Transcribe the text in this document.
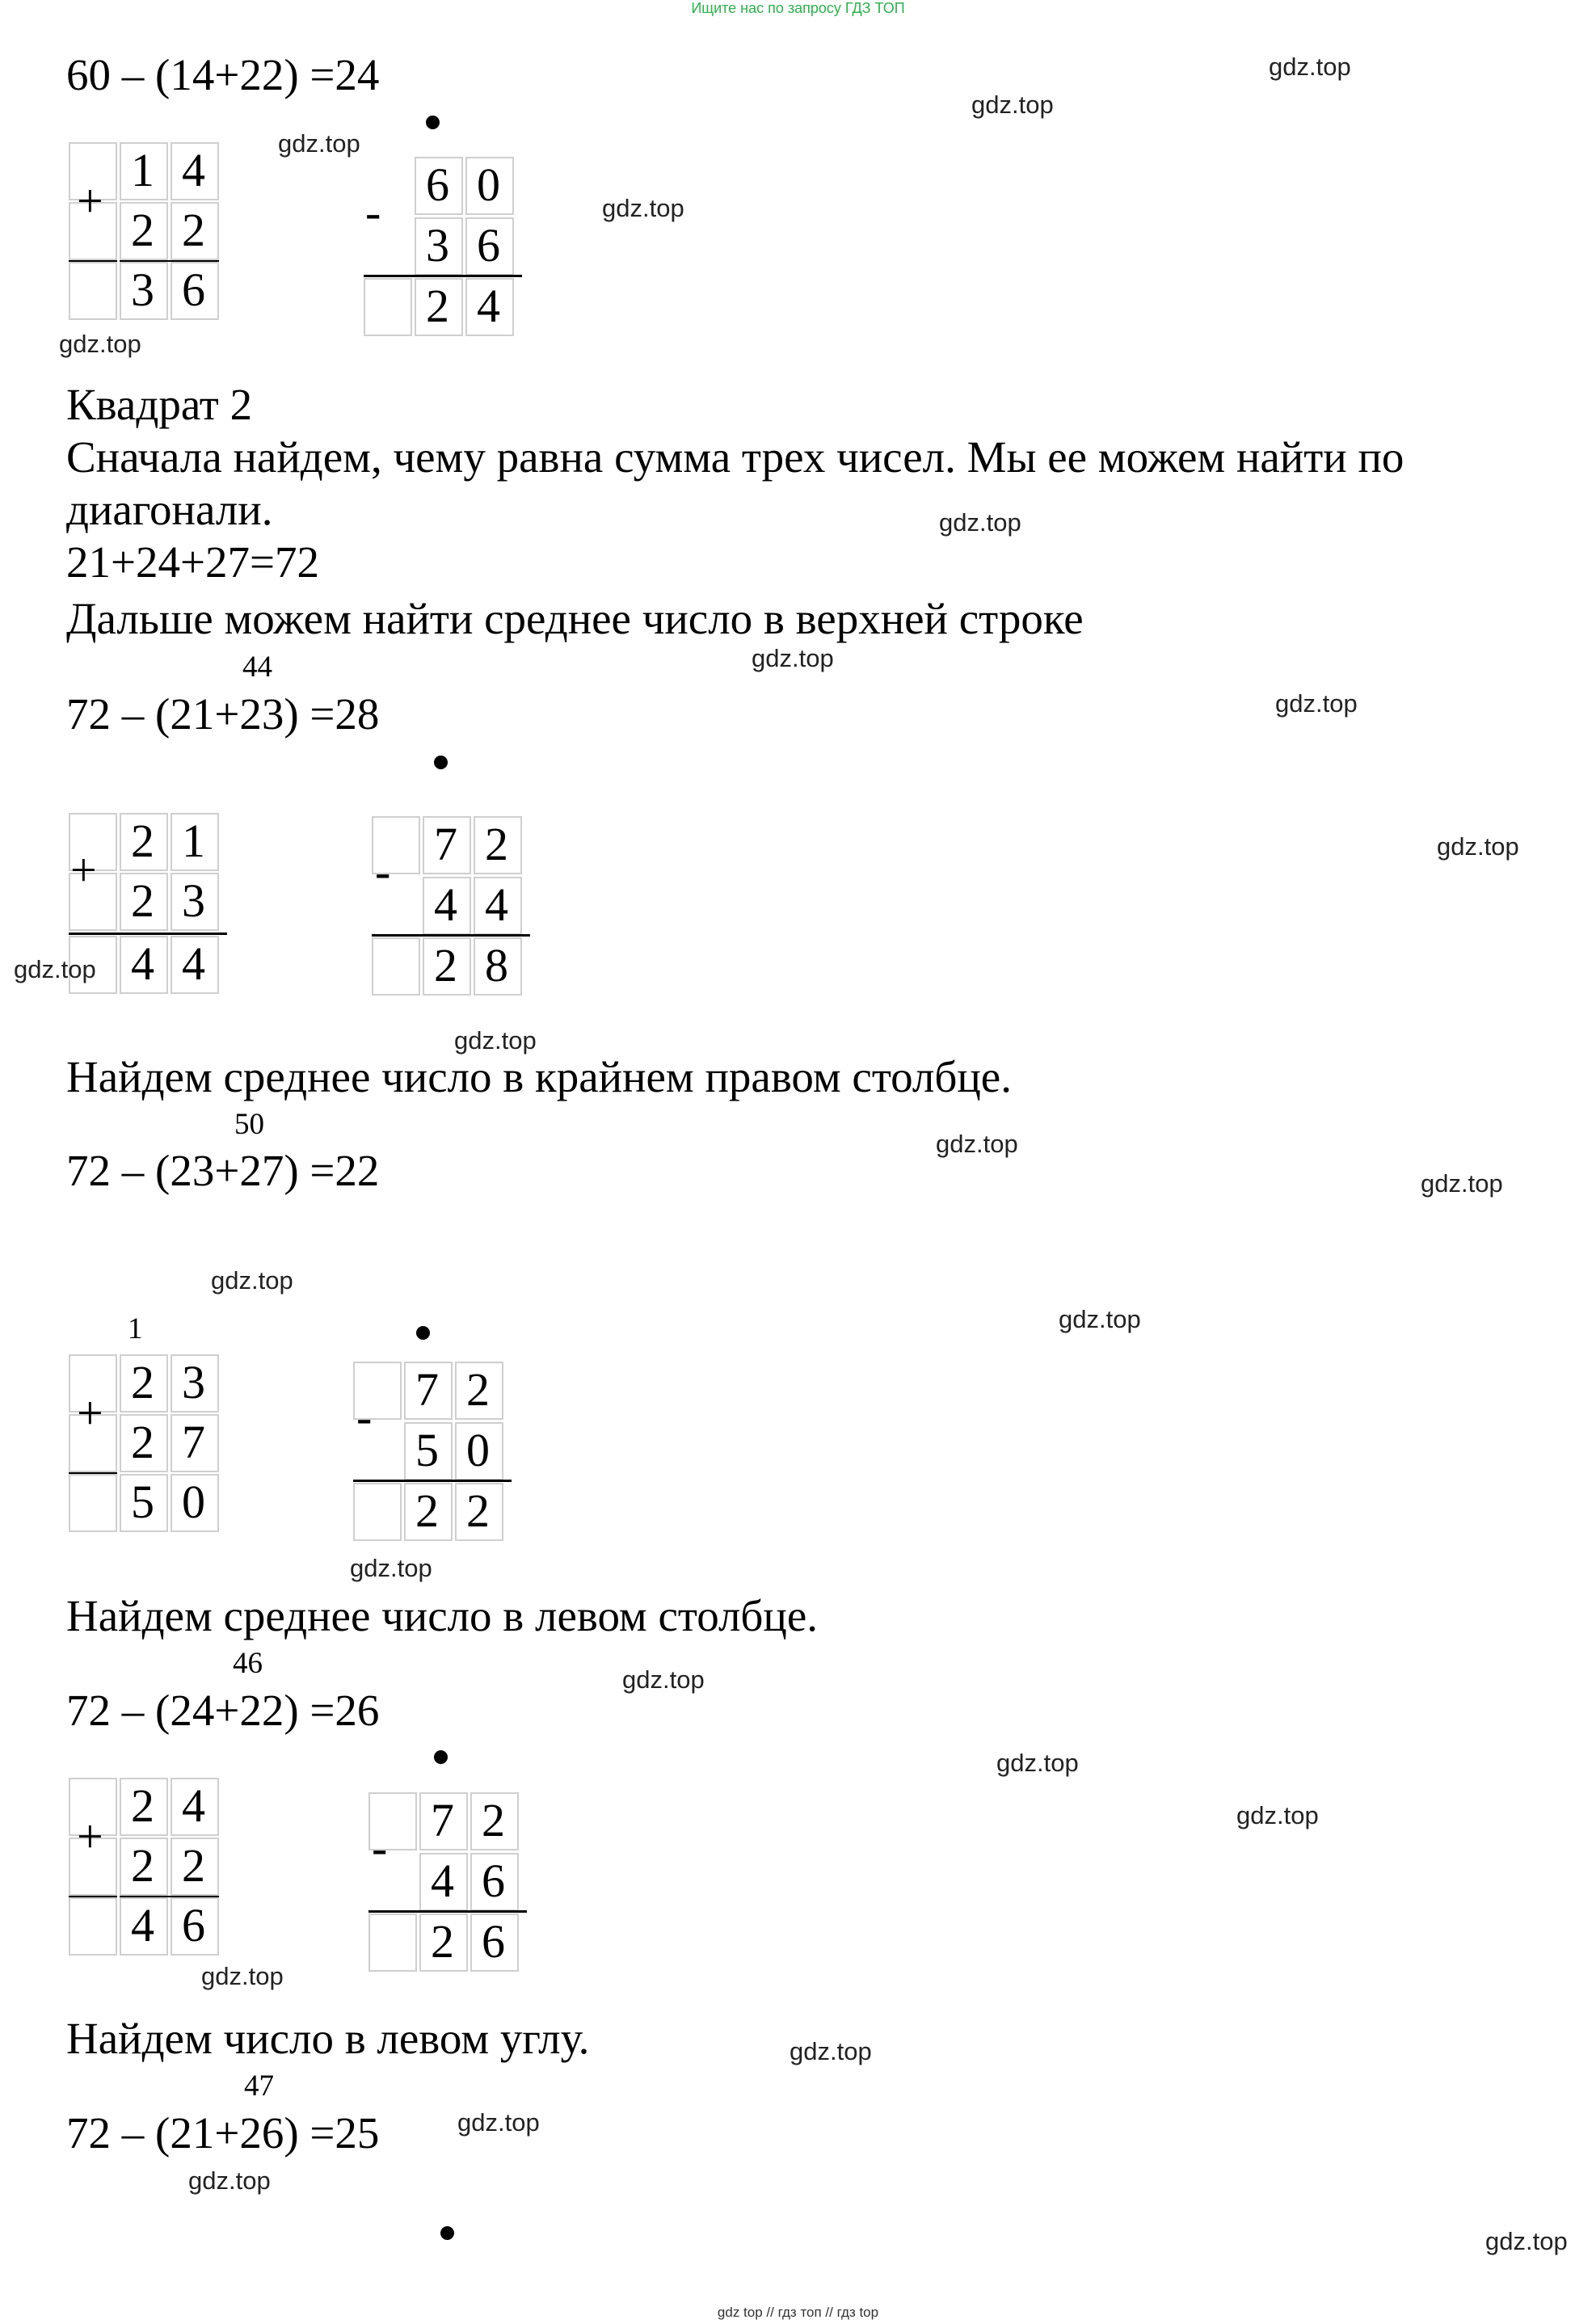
Ищите нас по запросу ГДЗ ТОП
60 – (14+22) =24
+
1 4
2 2
3 6
-
6 0
3 6
2 4
Квадрат 2
Сначала найдем, чему равна сумма трех чисел. Мы ее можем найти по
диагонали.
21+24+27=72
Дальше можем найти среднее число в верхней строке
44
72 – (21+23) =28
+
2 1
2 3
4 4
-
7 2
4 4
2 8
Найдем среднее число в крайнем правом столбце.
50
72 – (23+27) =22
1
+
2 3
2 7
5 0
-
7 2
5 0
2 2
Найдем среднее число в левом столбце.
46
72 – (24+22) =26
+
2 4
2 2
4 6
-
7 2
4 6
2 6
Найдем число в левом углу.
47
72 – (21+26) =25
gdz.top
gdz.top
gdz.top
gdz.top
gdz.top
gdz.top
gdz.top
gdz.top
gdz.top
gdz.top
gdz.top
gdz.top
gdz.top
gdz.top
gdz.top
gdz.top
gdz.top
gdz.top
gdz.top
gdz.top
gdz.top
gdz.top
gdz.top
gdz.top
gdz top // гдз топ // гдз top
